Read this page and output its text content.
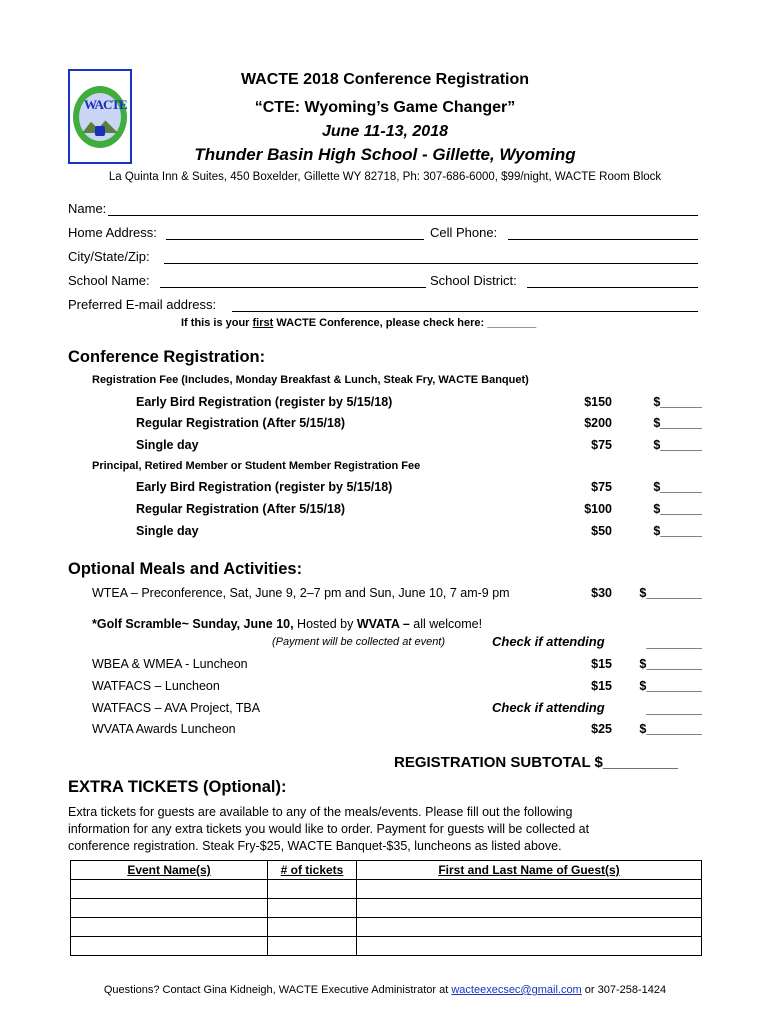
WACTE
WACTE 2018 Conference Registration
“CTE: Wyoming’s Game Changer”
June 11-13, 2018
Thunder Basin High School - Gillette, Wyoming
La Quinta Inn & Suites, 450 Boxelder, Gillette WY 82718, Ph: 307-686-6000, $99/night, WACTE Room Block
Name:
Home Address:	Cell Phone:
City/State/Zip:
School Name:	School District:
Preferred E-mail address:
If this is your first WACTE Conference, please check here: ________
Conference Registration:
Registration Fee (Includes, Monday Breakfast & Lunch, Steak Fry, WACTE Banquet)
Early Bird Registration (register by 5/15/18)	$150	$______
Regular Registration (After 5/15/18)	$200	$______
Single day	$75	$______
Principal, Retired Member or Student Member Registration Fee
Early Bird Registration (register by 5/15/18)	$75	$______
Regular Registration (After 5/15/18)	$100	$______
Single day	$50	$______
Optional Meals and Activities:
WTEA – Preconference, Sat, June 9, 2–7 pm and Sun, June 10, 7 am-9 pm	$30	$________
*Golf Scramble~ Sunday, June 10, Hosted by WVATA – all welcome!
(Payment will be collected at event)	Check if attending	________
WBEA & WMEA - Luncheon	$15	$________
WATFACS – Luncheon	$15	$________
WATFACS – AVA Project, TBA	Check if attending	________
WVATA Awards Luncheon	$25	$________
REGISTRATION SUBTOTAL $_________
EXTRA TICKETS (Optional):
Extra tickets for guests are available to any of the meals/events. Please fill out the following
information for any extra tickets you would like to order. Payment for guests will be collected at
conference registration. Steak Fry-$25, WACTE Banquet-$35, luncheons as listed above.
Event Name(s)	# of tickets	First and Last Name of Guest(s)

Questions? Contact Gina Kidneigh, WACTE Executive Administrator at wacteexecsec@gmail.com or 307-258-1424
